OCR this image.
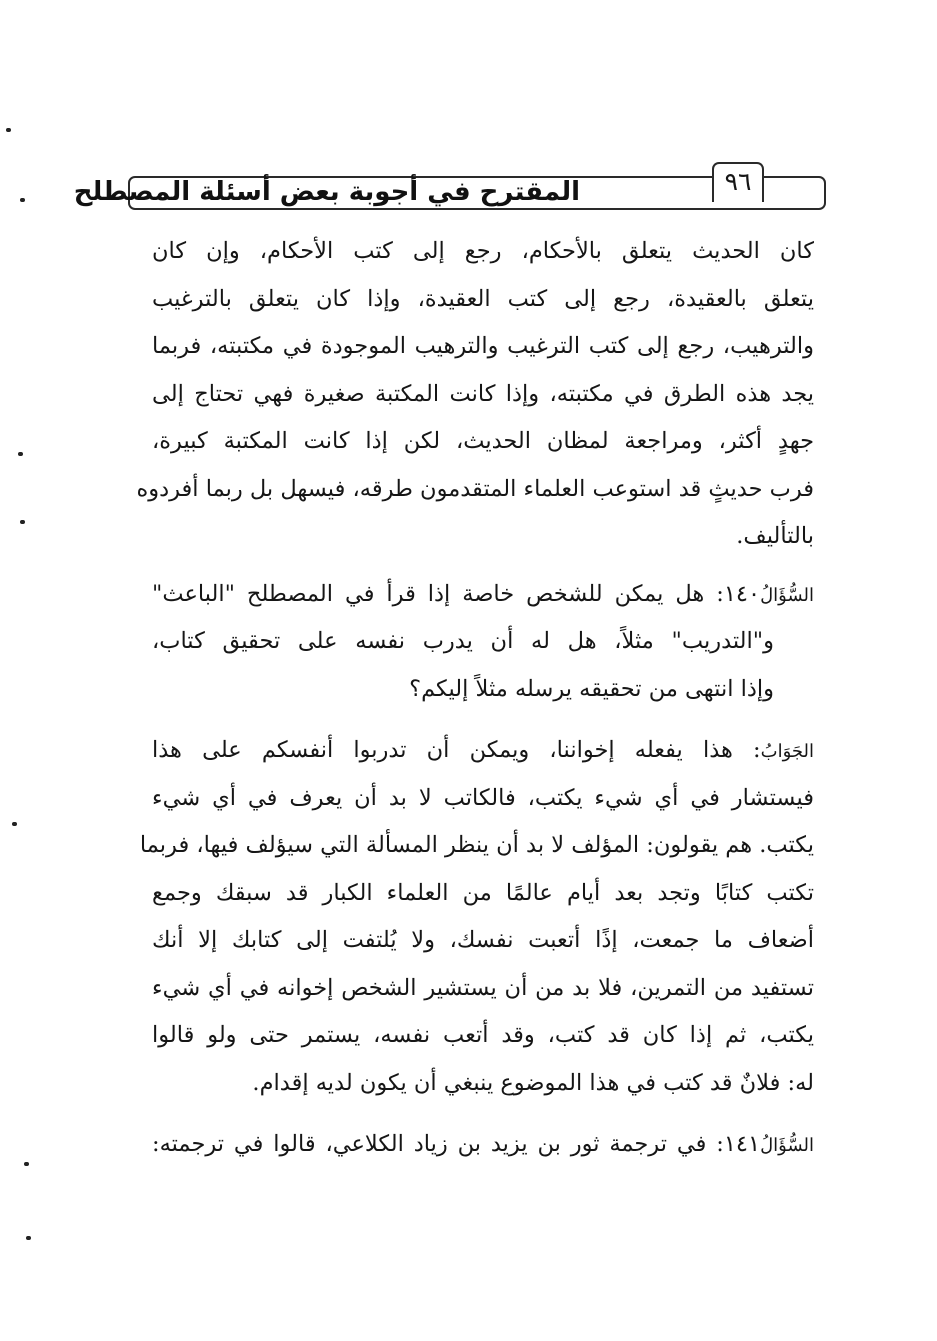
المقترح في أجوبة بعض أسئلة المصطلح	٩٦
كان الحديث يتعلق بالأحكام، رجع إلى كتب الأحكام، وإن كان
يتعلق بالعقيدة، رجع إلى كتب العقيدة، وإذا كان يتعلق بالترغيب
والترهيب، رجع إلى كتب الترغيب والترهيب الموجودة في مكتبته، فربما
يجد هذه الطرق في مكتبته، وإذا كانت المكتبة صغيرة فهي تحتاج إلى
جهدٍ أكثر، ومراجعة لمظان الحديث، لكن إذا كانت المكتبة كبيرة،
فرب حديثٍ قد استوعب العلماء المتقدمون طرقه، فيسهل بل ربما أفردوه
بالتأليف.
السُّؤَالُ١٤٠: هل يمكن للشخص خاصة إذا قرأ في المصطلح "الباعث"
و"التدريب" مثلاً، هل له أن يدرب نفسه على تحقيق كتاب،
وإذا انتهى من تحقيقه يرسله مثلاً إليكم؟
الجَوَابُ: هذا يفعله إخواننا، ويمكن أن تدربوا أنفسكم على هذا
فيستشار في أي شيء يكتب، فالكاتب لا بد أن يعرف في أي شيء
يكتب. هم يقولون: المؤلف لا بد أن ينظر المسألة التي سيؤلف فيها، فربما
تكتب كتابًا وتجد بعد أيام عالمًا من العلماء الكبار قد سبقك وجمع
أضعاف ما جمعت، إذًا أتعبت نفسك، ولا يُلتفت إلى كتابك إلا أنك
تستفيد من التمرين، فلا بد من أن يستشير الشخص إخوانه في أي شيء
يكتب، ثم إذا كان قد كتب، وقد أتعب نفسه، يستمر حتى ولو قالوا
له: فلانٌ قد كتب في هذا الموضوع ينبغي أن يكون لديه إقدام.
السُّؤَالُ١٤١: في ترجمة ثور بن يزيد بن زياد الكلاعي، قالوا في ترجمته:
